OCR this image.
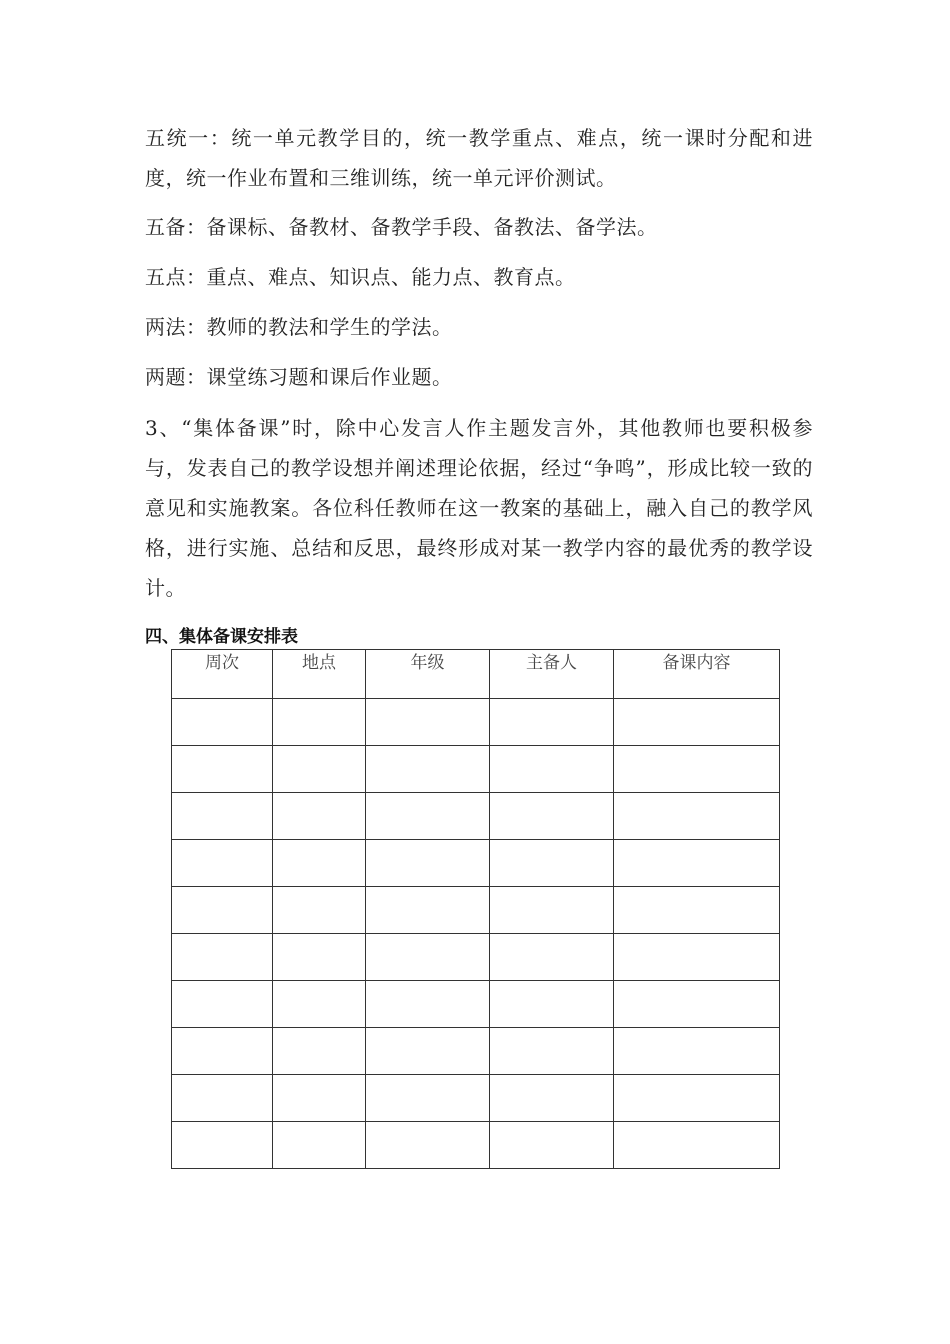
五统一：统一单元教学目的，统一教学重点、难点，统一课时分配和进度，统一作业布置和三维训练，统一单元评价测试。

五备：备课标、备教材、备教学手段、备教法、备学法。

五点：重点、难点、知识点、能力点、教育点。

两法：教师的教法和学生的学法。

两题：课堂练习题和课后作业题。

3、“集体备课”时，除中心发言人作主题发言外，其他教师也要积极参与，发表自己的教学设想并阐述理论依据，经过“争鸣”，形成比较一致的意见和实施教案。各位科任教师在这一教案的基础上，融入自己的教学风格，进行实施、总结和反思，最终形成对某一教学内容的最优秀的教学设计。

四、集体备课安排表
周次	地点	年级	主备人	备课内容
